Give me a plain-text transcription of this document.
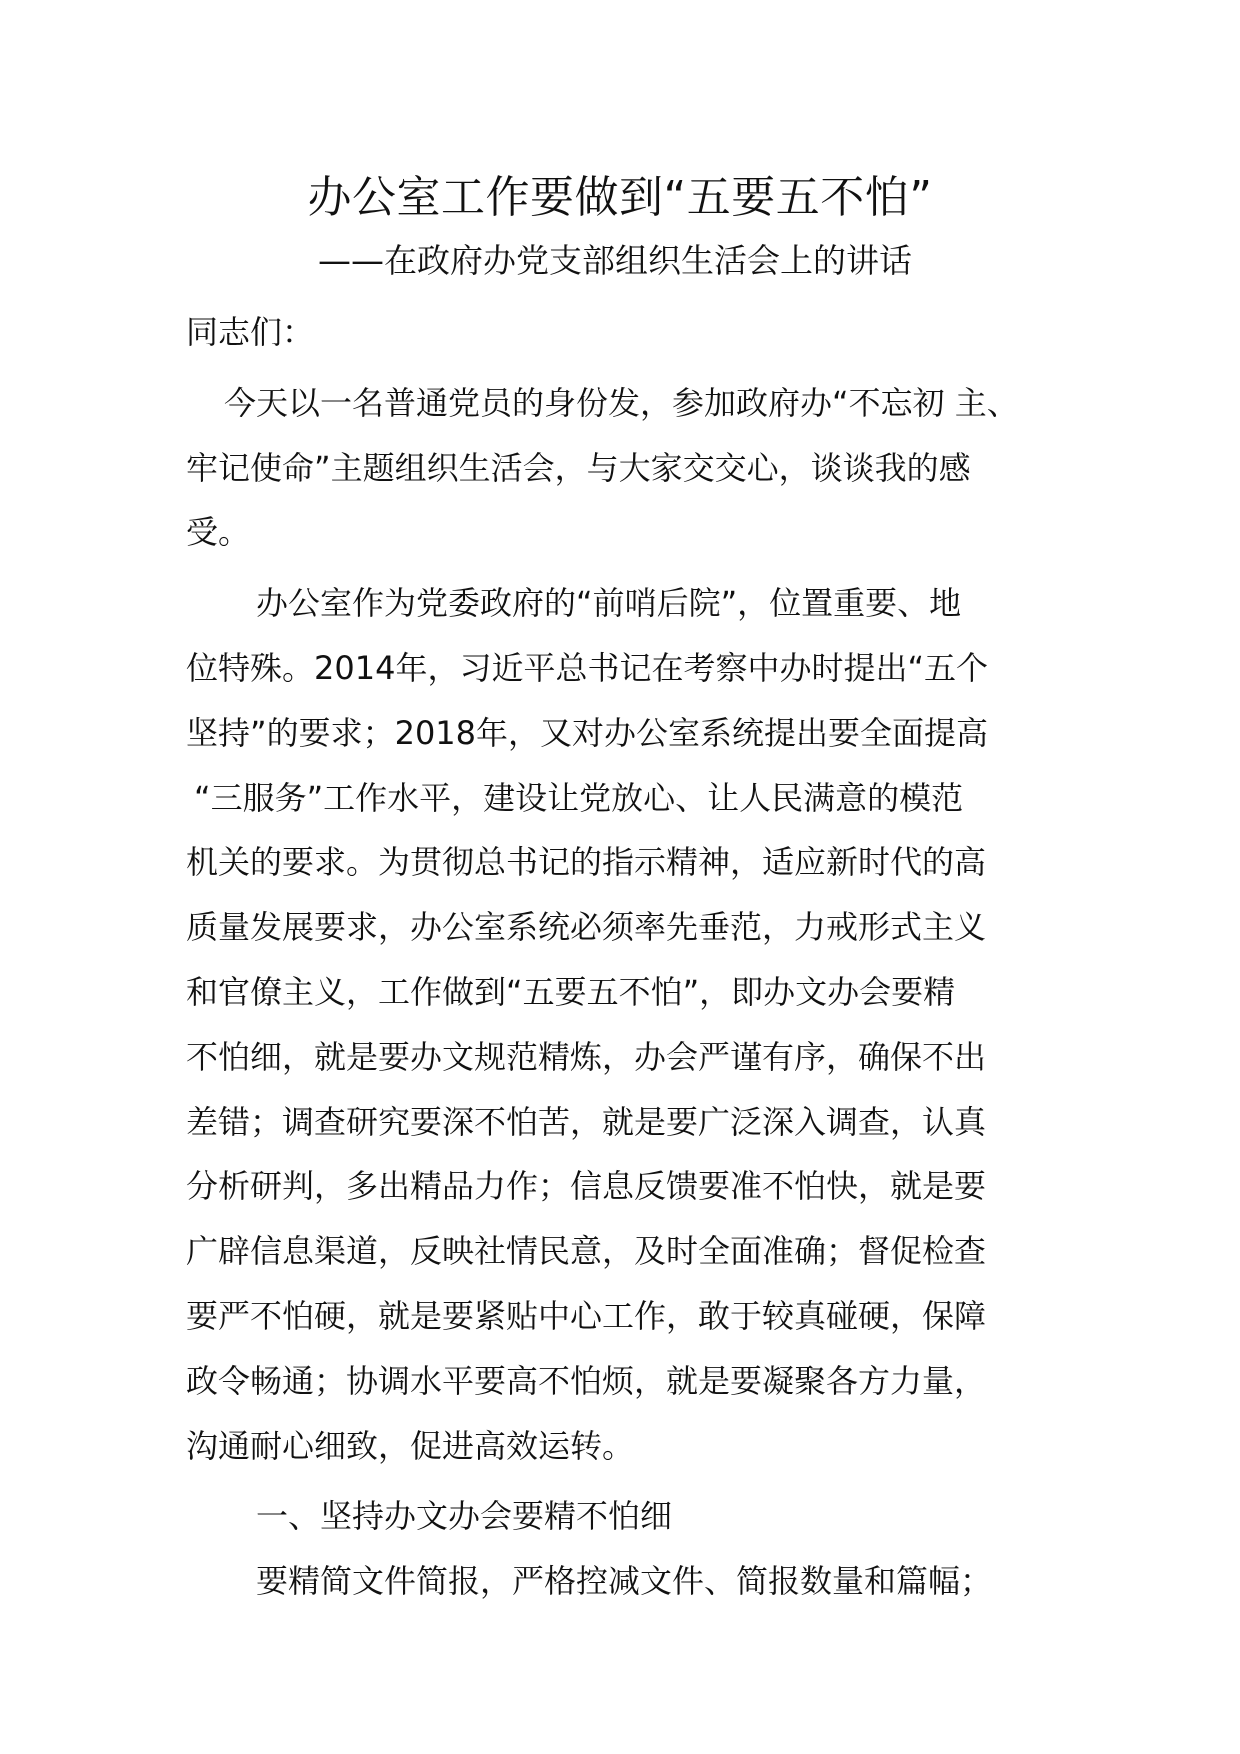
办公室工作要做到“五要五不怕”

——在政府办党支部组织生活会上的讲话

同志们：
今天以一名普通党员的身份发，参加政府办“不忘初 主、
牢记使命”主题组织生活会，与大家交交心，谈谈我的感
受。
办公室作为党委政府的“前哨后院”，位置重要、地
位特殊。2014年，习近平总书记在考察中办时提出“五个
坚持”的要求；2018年，又对办公室系统提出要全面提高
“三服务”工作水平，建设让党放心、让人民满意的模范
机关的要求。为贯彻总书记的指示精神，适应新时代的高
质量发展要求，办公室系统必须率先垂范，力戒形式主义
和官僚主义，工作做到“五要五不怕”，即办文办会要精
不怕细，就是要办文规范精炼，办会严谨有序，确保不出
差错；调查研究要深不怕苦，就是要广泛深入调查，认真
分析研判，多出精品力作；信息反馈要准不怕快，就是要
广辟信息渠道，反映社情民意，及时全面准确；督促检查
要严不怕硬，就是要紧贴中心工作，敢于较真碰硬，保障
政令畅通；协调水平要高不怕烦，就是要凝聚各方力量，
沟通耐心细致，促进高效运转。
一、坚持办文办会要精不怕细
要精简文件简报，严格控减文件、简报数量和篇幅；
